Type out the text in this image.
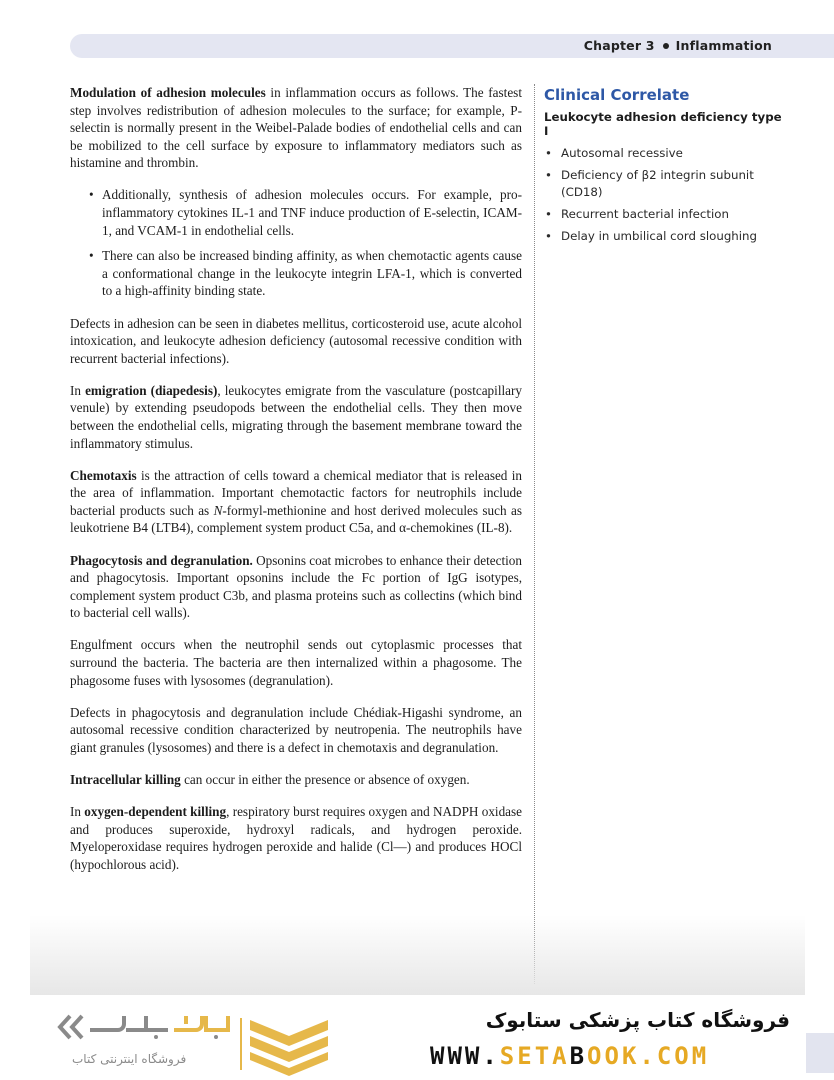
Chapter 3 Inflammation

Modulation of adhesion molecules in inflammation occurs as follows. The fastest step involves redistribution of adhesion molecules to the surface; for example, P-selectin is normally present in the Weibel-Palade bodies of endothelial cells and can be mobilized to the cell surface by exposure to inflammatory mediators such as histamine and thrombin.

• Additionally, synthesis of adhesion molecules occurs. For example, pro-inflammatory cytokines IL-1 and TNF induce production of E-selectin, ICAM-1, and VCAM-1 in endothelial cells.
• There can also be increased binding affinity, as when chemotactic agents cause a conformational change in the leukocyte integrin LFA-1, which is converted to a high-affinity binding state.

Defects in adhesion can be seen in diabetes mellitus, corticosteroid use, acute alcohol intoxication, and leukocyte adhesion deficiency (autosomal recessive condition with recurrent bacterial infections).

In emigration (diapedesis), leukocytes emigrate from the vasculature (postcapillary venule) by extending pseudopods between the endothelial cells. They then move between the endothelial cells, migrating through the basement membrane toward the inflammatory stimulus.

Chemotaxis is the attraction of cells toward a chemical mediator that is released in the area of inflammation. Important chemotactic factors for neutrophils include bacterial products such as N-formyl-methionine and host derived molecules such as leukotriene B4 (LTB4), complement system product C5a, and α-chemokines (IL-8).

Phagocytosis and degranulation. Opsonins coat microbes to enhance their detection and phagocytosis. Important opsonins include the Fc portion of IgG isotypes, complement system product C3b, and plasma proteins such as collectins (which bind to bacterial cell walls).

Engulfment occurs when the neutrophil sends out cytoplasmic processes that surround the bacteria. The bacteria are then internalized within a phagosome. The phagosome fuses with lysosomes (degranulation).

Defects in phagocytosis and degranulation include Chédiak-Higashi syndrome, an autosomal recessive condition characterized by neutropenia. The neutrophils have giant granules (lysosomes) and there is a defect in chemotaxis and degranulation.

Intracellular killing can occur in either the presence or absence of oxygen.

In oxygen-dependent killing, respiratory burst requires oxygen and NADPH oxidase and produces superoxide, hydroxyl radicals, and hydrogen peroxide. Myeloperoxidase requires hydrogen peroxide and halide (Cl—) and produces HOCl (hypochlorous acid).

Clinical Correlate
Leukocyte adhesion deficiency type I
• Autosomal recessive
• Deficiency of β2 integrin subunit (CD18)
• Recurrent bacterial infection
• Delay in umbilical cord sloughing
فروشگاه اینترنتی کتاب
فروشگاه کتاب پزشکی ستابوک
WWW.SETABOOK.COM
